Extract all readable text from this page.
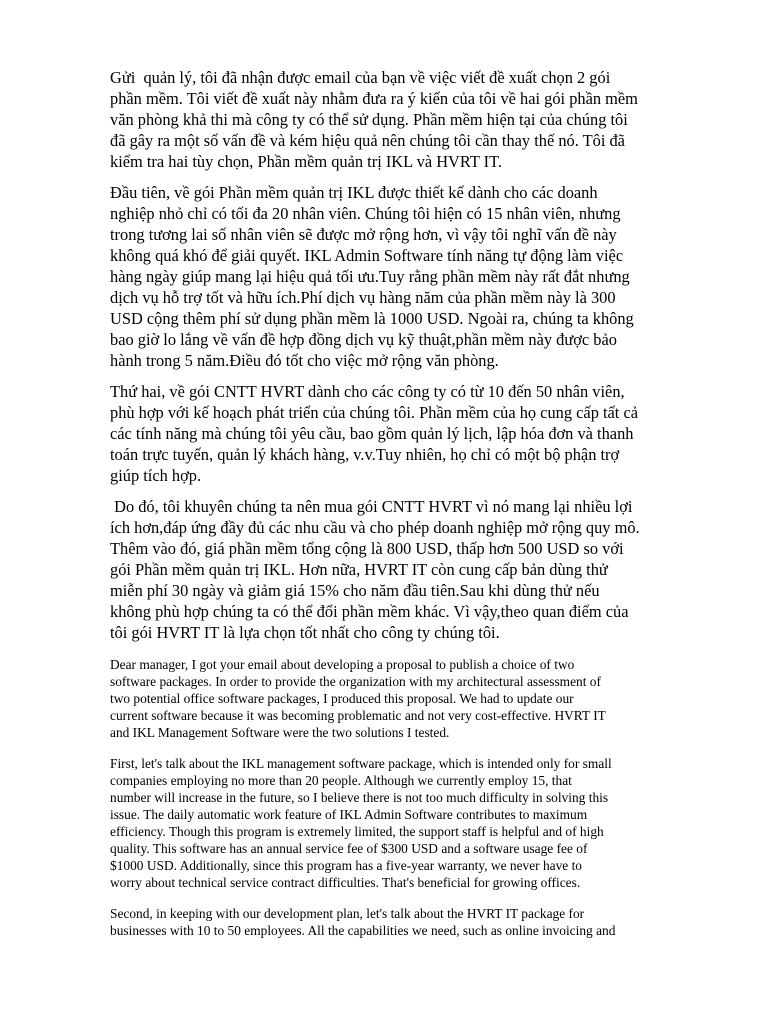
Gửi  quản lý, tôi đã nhận được email của bạn về việc viết đề xuất chọn 2 gói
phần mềm. Tôi viết đề xuất này nhằm đưa ra ý kiến của tôi về hai gói phần mềm
văn phòng khả thi mà công ty có thể sử dụng. Phần mềm hiện tại của chúng tôi
đã gây ra một số vấn đề và kém hiệu quả nên chúng tôi cần thay thế nó. Tôi đã
kiểm tra hai tùy chọn, Phần mềm quản trị IKL và HVRT IT.

Đầu tiên, về gói Phần mềm quản trị IKL được thiết kế dành cho các doanh
nghiệp nhỏ chỉ có tối đa 20 nhân viên. Chúng tôi hiện có 15 nhân viên, nhưng
trong tương lai số nhân viên sẽ được mở rộng hơn, vì vậy tôi nghĩ vấn đề này
không quá khó để giải quyết. IKL Admin Software tính năng tự động làm việc
hàng ngày giúp mang lại hiệu quả tối ưu.Tuy rằng phần mềm này rất đắt nhưng
dịch vụ hỗ trợ tốt và hữu ích.Phí dịch vụ hàng năm của phần mềm này là 300
USD cộng thêm phí sử dụng phần mềm là 1000 USD. Ngoài ra, chúng ta không
bao giờ lo lắng về vấn đề hợp đồng dịch vụ kỹ thuật,phần mềm này được bảo
hành trong 5 năm.Điều đó tốt cho việc mở rộng văn phòng.

Thứ hai, về gói CNTT HVRT dành cho các công ty có từ 10 đến 50 nhân viên,
phù hợp với kế hoạch phát triển của chúng tôi. Phần mềm của họ cung cấp tất cả
các tính năng mà chúng tôi yêu cầu, bao gồm quản lý lịch, lập hóa đơn và thanh
toán trực tuyến, quản lý khách hàng, v.v.Tuy nhiên, họ chỉ có một bộ phận trợ
giúp tích hợp.

Do đó, tôi khuyên chúng ta nên mua gói CNTT HVRT vì nó mang lại nhiều lợi
ích hơn,đáp ứng đầy đủ các nhu cầu và cho phép doanh nghiệp mở rộng quy mô.
Thêm vào đó, giá phần mềm tổng cộng là 800 USD, thấp hơn 500 USD so với
gói Phần mềm quản trị IKL. Hơn nữa, HVRT IT còn cung cấp bản dùng thử
miễn phí 30 ngày và giảm giá 15% cho năm đầu tiên.Sau khi dùng thử nếu
không phù hợp chúng ta có thể đổi phần mềm khác. Vì vậy,theo quan điểm của
tôi gói HVRT IT là lựa chọn tốt nhất cho công ty chúng tôi.

Dear manager, I got your email about developing a proposal to publish a choice of two
software packages. In order to provide the organization with my architectural assessment of
two potential office software packages, I produced this proposal. We had to update our
current software because it was becoming problematic and not very cost-effective. HVRT IT
and IKL Management Software were the two solutions I tested.

First, let's talk about the IKL management software package, which is intended only for small
companies employing no more than 20 people. Although we currently employ 15, that
number will increase in the future, so I believe there is not too much difficulty in solving this
issue. The daily automatic work feature of IKL Admin Software contributes to maximum
efficiency. Though this program is extremely limited, the support staff is helpful and of high
quality. This software has an annual service fee of $300 USD and a software usage fee of
$1000 USD. Additionally, since this program has a five-year warranty, we never have to
worry about technical service contract difficulties. That's beneficial for growing offices.

Second, in keeping with our development plan, let's talk about the HVRT IT package for
businesses with 10 to 50 employees. All the capabilities we need, such as online invoicing and
